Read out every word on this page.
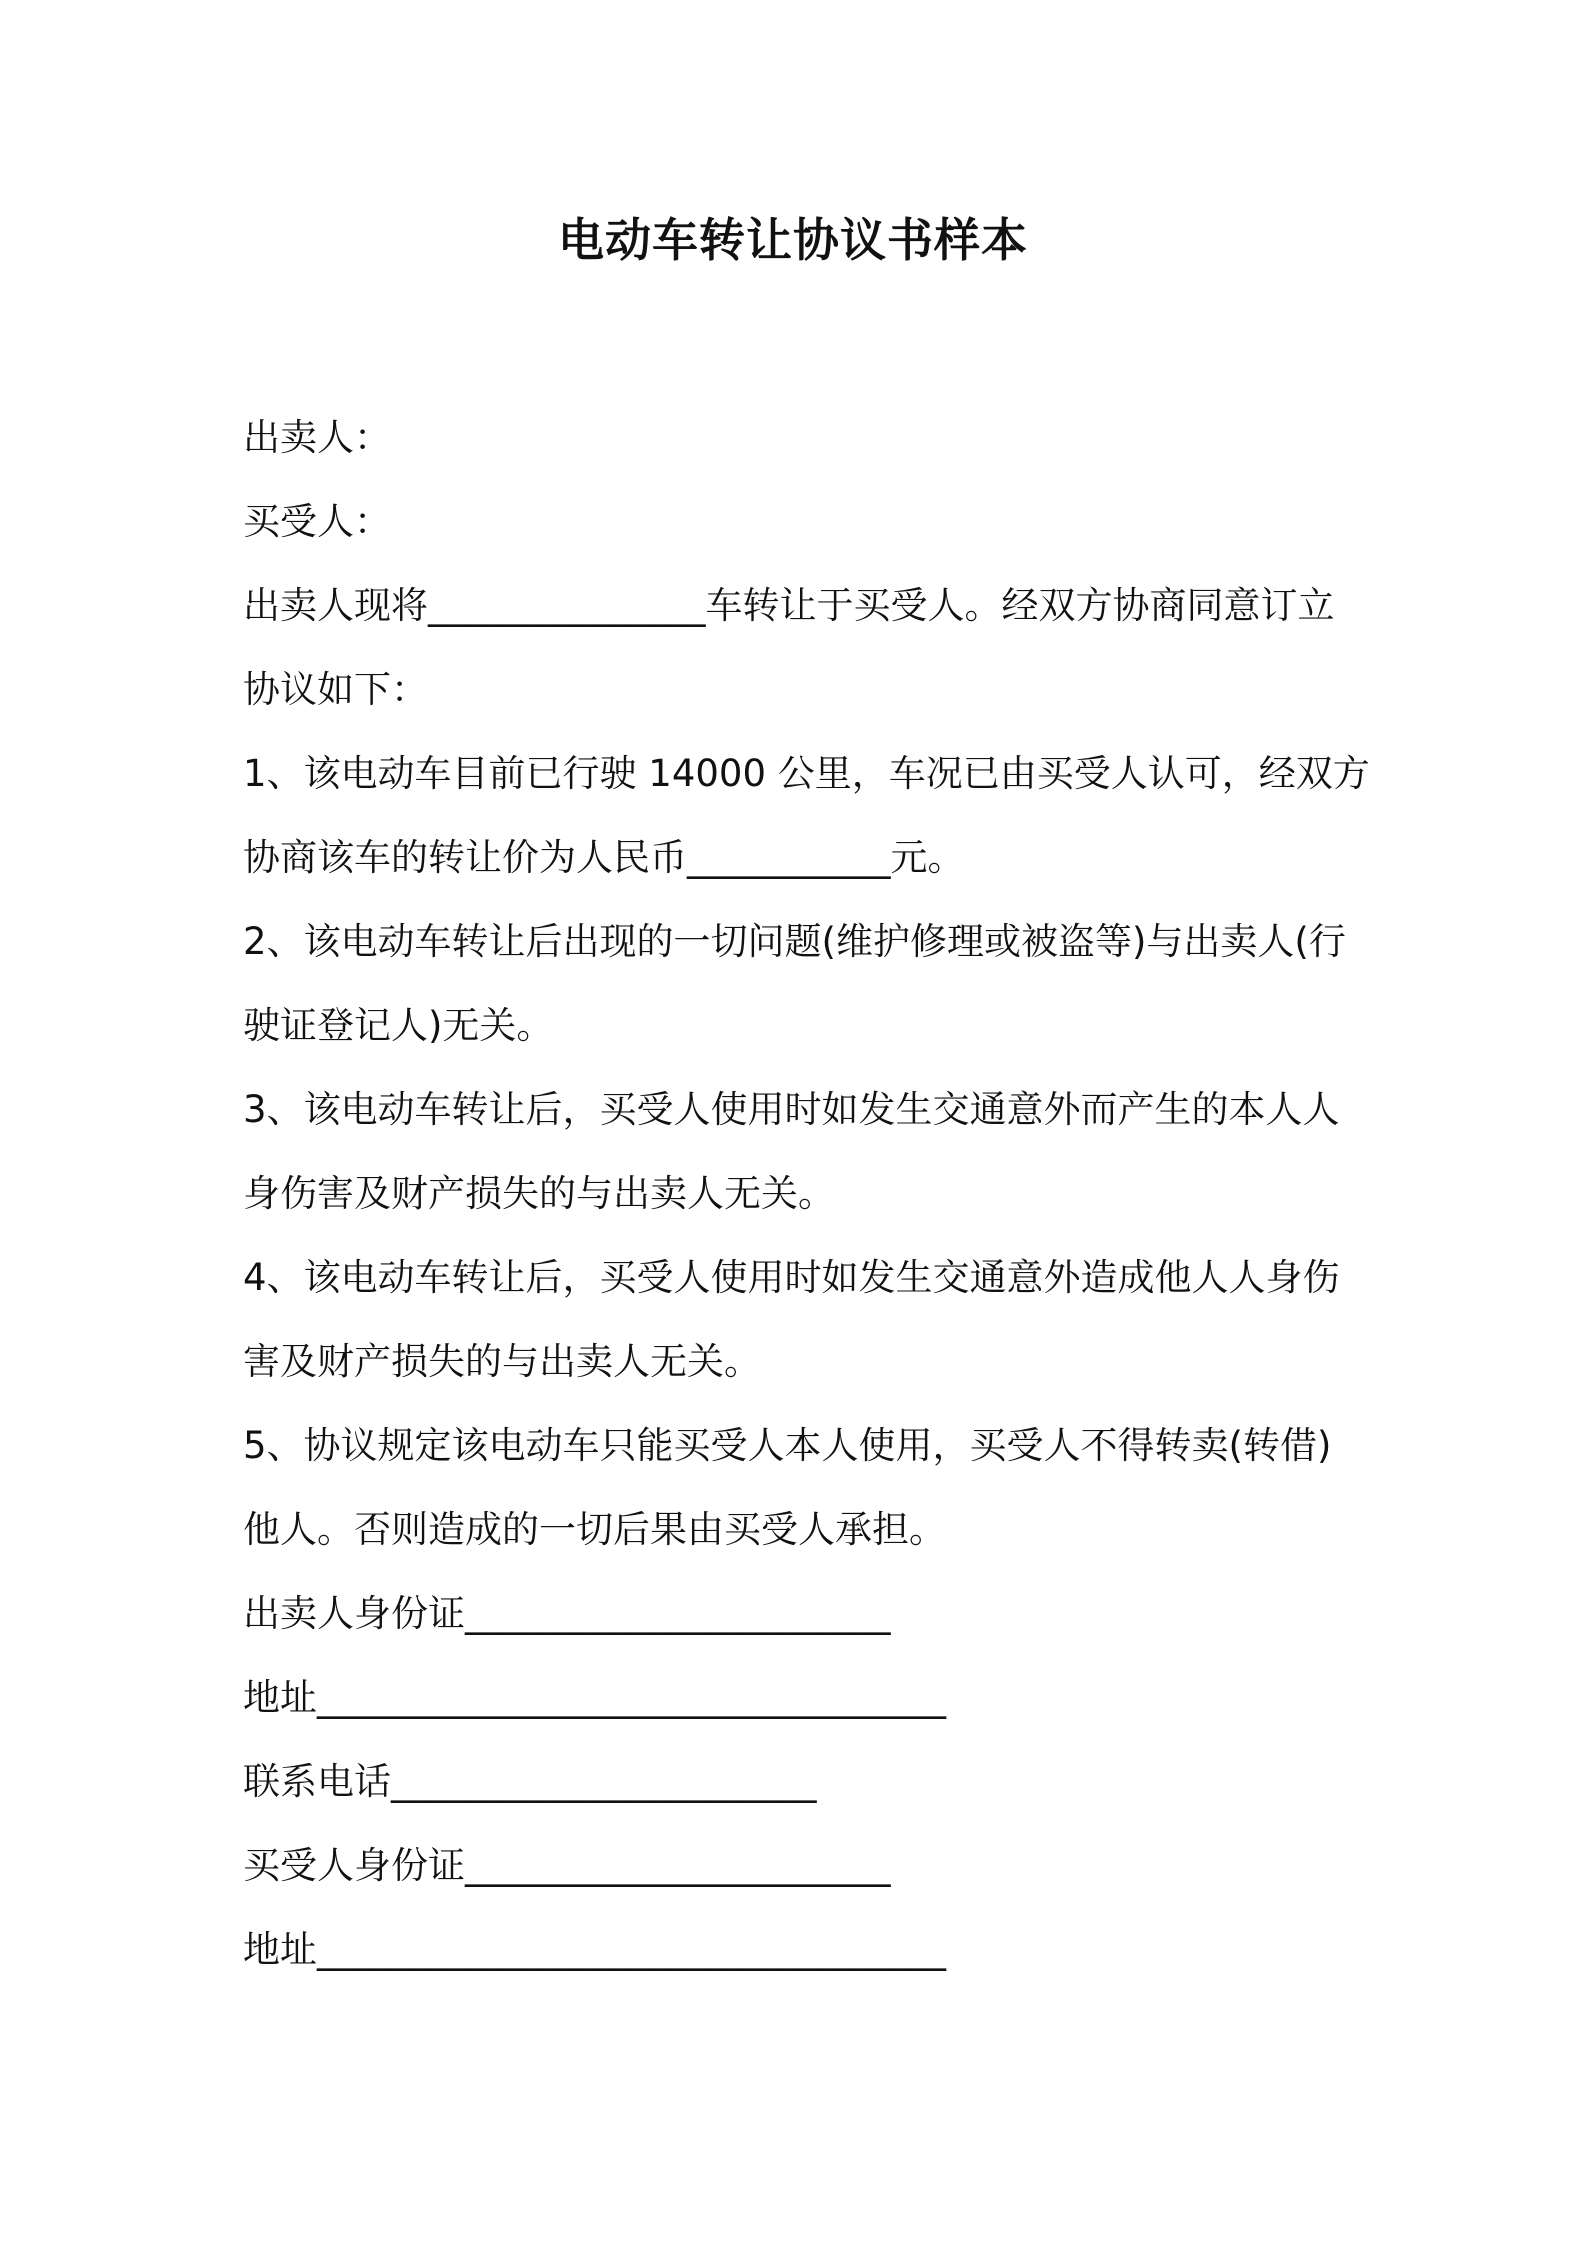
电动车转让协议书样本
出卖人：
买受人：
出卖人现将_______________车转让于买受人。经双方协商同意订立
协议如下：
1、该电动车目前已行驶 14000 公里，车况已由买受人认可，经双方
协商该车的转让价为人民币___________元。
2、该电动车转让后出现的一切问题(维护修理或被盗等)与出卖人(行
驶证登记人)无关。
3、该电动车转让后，买受人使用时如发生交通意外而产生的本人人
身伤害及财产损失的与出卖人无关。
4、该电动车转让后，买受人使用时如发生交通意外造成他人人身伤
害及财产损失的与出卖人无关。
5、协议规定该电动车只能买受人本人使用，买受人不得转卖(转借)
他人。否则造成的一切后果由买受人承担。
出卖人身份证_______________________
地址__________________________________
联系电话_______________________
买受人身份证_______________________
地址__________________________________
